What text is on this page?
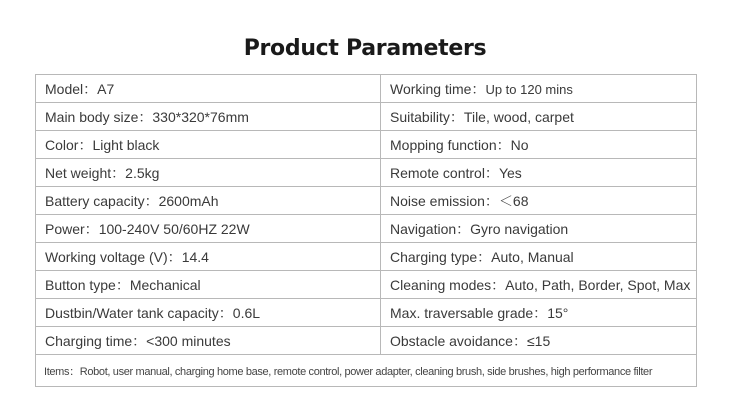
Product Parameters
Model：A7	Working time：Up to 120 mins
Main body size：330*320*76mm	Suitability：Tile, wood, carpet
Color：Light black	Mopping function：No
Net weight：2.5kg	Remote control：Yes
Battery capacity：2600mAh	Noise emission：＜68
Power：100-240V 50/60HZ 22W	Navigation：Gyro navigation
Working voltage (V)：14.4	Charging type：Auto, Manual
Button type：Mechanical	Cleaning modes：Auto, Path, Border, Spot, Max
Dustbin/Water tank capacity：0.6L	Max. traversable grade：15°
Charging time：<300 minutes	Obstacle avoidance：≤15
Items：Robot, user manual, charging home base, remote control, power adapter, cleaning brush, side brushes, high performance filter	
